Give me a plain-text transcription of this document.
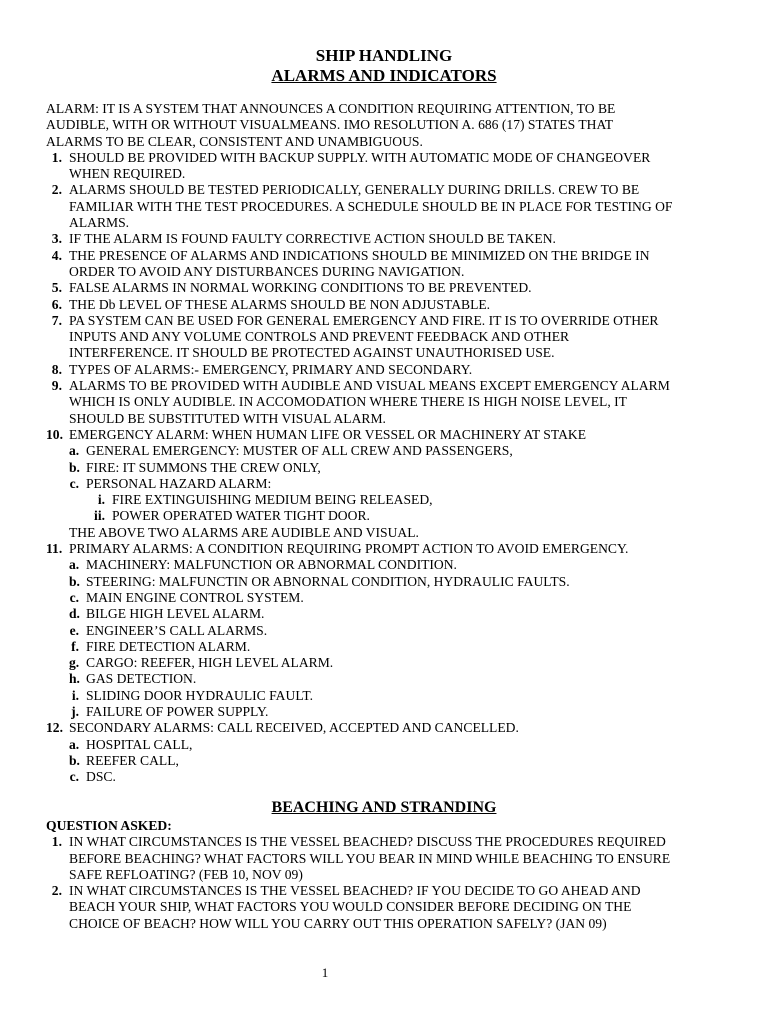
SHIP HANDLING
ALARMS AND INDICATORS
ALARM: IT IS A SYSTEM THAT ANNOUNCES A CONDITION REQUIRING ATTENTION, TO BE
AUDIBLE, WITH OR WITHOUT VISUALMEANS. IMO RESOLUTION A. 686 (17) STATES THAT
ALARMS TO BE CLEAR, CONSISTENT AND UNAMBIGUOUS.
1. SHOULD BE PROVIDED WITH BACKUP SUPPLY. WITH AUTOMATIC MODE OF CHANGEOVER
WHEN REQUIRED.
2. ALARMS SHOULD BE TESTED PERIODICALLY, GENERALLY DURING DRILLS. CREW TO BE
FAMILIAR WITH THE TEST PROCEDURES. A SCHEDULE SHOULD BE IN PLACE FOR TESTING OF
ALARMS.
3. IF THE ALARM IS FOUND FAULTY CORRECTIVE ACTION SHOULD BE TAKEN.
4. THE PRESENCE OF ALARMS AND INDICATIONS SHOULD BE MINIMIZED ON THE BRIDGE IN
ORDER TO AVOID ANY DISTURBANCES DURING NAVIGATION.
5. FALSE ALARMS IN NORMAL WORKING CONDITIONS TO BE PREVENTED.
6. THE Db LEVEL OF THESE ALARMS SHOULD BE NON ADJUSTABLE.
7. PA SYSTEM CAN BE USED FOR GENERAL EMERGENCY AND FIRE. IT IS TO OVERRIDE OTHER
INPUTS AND ANY VOLUME CONTROLS AND PREVENT FEEDBACK AND OTHER
INTERFERENCE. IT SHOULD BE PROTECTED AGAINST UNAUTHORISED USE.
8. TYPES OF ALARMS:- EMERGENCY, PRIMARY AND SECONDARY.
9. ALARMS TO BE PROVIDED WITH AUDIBLE AND VISUAL MEANS EXCEPT EMERGENCY ALARM
WHICH IS ONLY AUDIBLE. IN ACCOMODATION WHERE THERE IS HIGH NOISE LEVEL, IT
SHOULD BE SUBSTITUTED WITH VISUAL ALARM.
10. EMERGENCY ALARM: WHEN HUMAN LIFE OR VESSEL OR MACHINERY AT STAKE
a. GENERAL EMERGENCY: MUSTER OF ALL CREW AND PASSENGERS,
b. FIRE: IT SUMMONS THE CREW ONLY,
c. PERSONAL HAZARD ALARM:
i. FIRE EXTINGUISHING MEDIUM BEING RELEASED,
ii. POWER OPERATED WATER TIGHT DOOR.
THE ABOVE TWO ALARMS ARE AUDIBLE AND VISUAL.
11. PRIMARY ALARMS: A CONDITION REQUIRING PROMPT ACTION TO AVOID EMERGENCY.
a. MACHINERY: MALFUNCTION OR ABNORMAL CONDITION.
b. STEERING: MALFUNCTIN OR ABNORNAL CONDITION, HYDRAULIC FAULTS.
c. MAIN ENGINE CONTROL SYSTEM.
d. BILGE HIGH LEVEL ALARM.
e. ENGINEER’S CALL ALARMS.
f. FIRE DETECTION ALARM.
g. CARGO: REEFER, HIGH LEVEL ALARM.
h. GAS DETECTION.
i. SLIDING DOOR HYDRAULIC FAULT.
j. FAILURE OF POWER SUPPLY.
12. SECONDARY ALARMS: CALL RECEIVED, ACCEPTED AND CANCELLED.
a. HOSPITAL CALL,
b. REEFER CALL,
c. DSC.
BEACHING AND STRANDING
QUESTION ASKED:
1. IN WHAT CIRCUMSTANCES IS THE VESSEL BEACHED? DISCUSS THE PROCEDURES REQUIRED
BEFORE BEACHING? WHAT FACTORS WILL YOU BEAR IN MIND WHILE BEACHING TO ENSURE
SAFE REFLOATING? (FEB 10, NOV 09)
2. IN WHAT CIRCUMSTANCES IS THE VESSEL BEACHED? IF YOU DECIDE TO GO AHEAD AND
BEACH YOUR SHIP, WHAT FACTORS YOU WOULD CONSIDER BEFORE DECIDING ON THE
CHOICE OF BEACH? HOW WILL YOU CARRY OUT THIS OPERATION SAFELY? (JAN 09)
1
